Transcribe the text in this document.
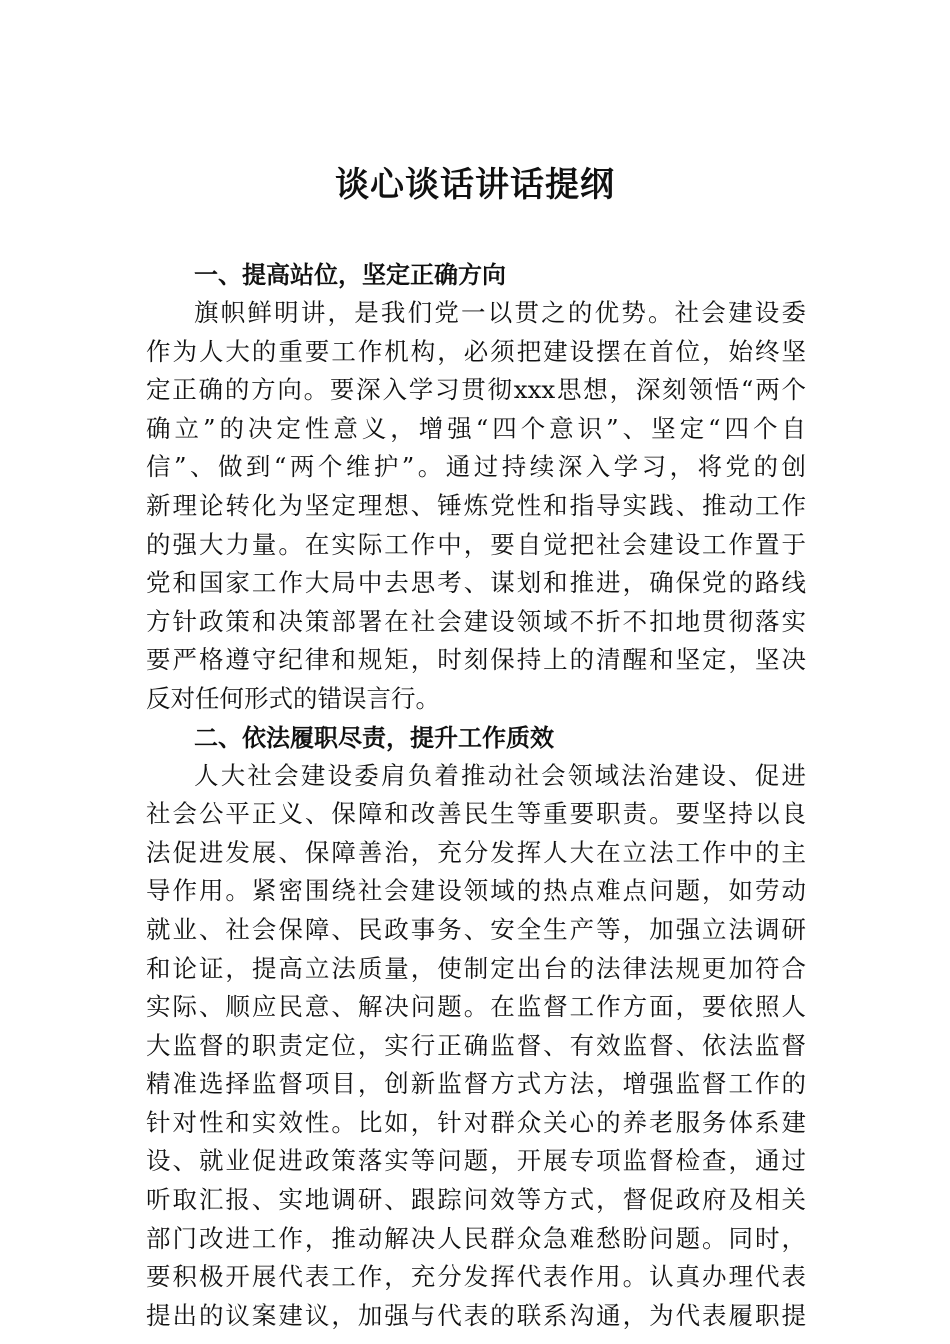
谈心谈话讲话提纲
一、提高站位，坚定正确方向
旗帜鲜明讲，是我们党一以贯之的优势。社会建设委
作为人大的重要工作机构，必须把建设摆在首位，始终坚
定正确的方向。要深入学习贯彻xxx思想，深刻领悟“两个
确立”的决定性意义，增强“四个意识”、坚定“四个自
信”、做到“两个维护”。通过持续深入学习，将党的创
新理论转化为坚定理想、锤炼党性和指导实践、推动工作
的强大力量。在实际工作中，要自觉把社会建设工作置于
党和国家工作大局中去思考、谋划和推进，确保党的路线
方针政策和决策部署在社会建设领域不折不扣地贯彻落实
要严格遵守纪律和规矩，时刻保持上的清醒和坚定，坚决
反对任何形式的错误言行。
二、依法履职尽责，提升工作质效
人大社会建设委肩负着推动社会领域法治建设、促进
社会公平正义、保障和改善民生等重要职责。要坚持以良
法促进发展、保障善治，充分发挥人大在立法工作中的主
导作用。紧密围绕社会建设领域的热点难点问题，如劳动
就业、社会保障、民政事务、安全生产等，加强立法调研
和论证，提高立法质量，使制定出台的法律法规更加符合
实际、顺应民意、解决问题。在监督工作方面，要依照人
大监督的职责定位，实行正确监督、有效监督、依法监督
精准选择监督项目，创新监督方式方法，增强监督工作的
针对性和实效性。比如，针对群众关心的养老服务体系建
设、就业促进政策落实等问题，开展专项监督检查，通过
听取汇报、实地调研、跟踪问效等方式，督促政府及相关
部门改进工作，推动解决人民群众急难愁盼问题。同时，
要积极开展代表工作，充分发挥代表作用。认真办理代表
提出的议案建议，加强与代表的联系沟通，为代表履职提
